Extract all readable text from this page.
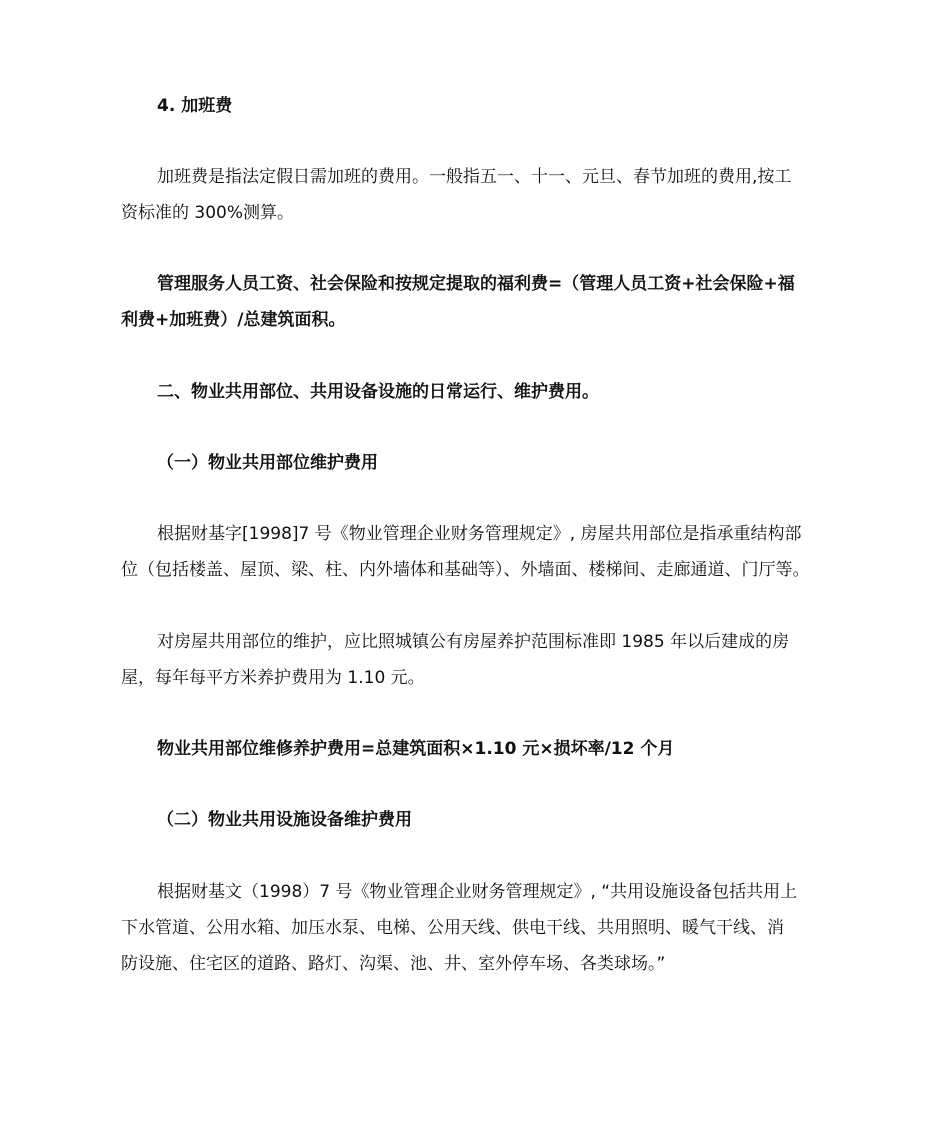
4. 加班费
加班费是指法定假日需加班的费用。一般指五一、十一、元旦、春节加班的费用,按工
资标准的 300%测算。
管理服务人员工资、社会保险和按规定提取的福利费=（管理人员工资+社会保险+福
利费+加班费）/总建筑面积。
二、物业共用部位、共用设备设施的日常运行、维护费用。
（一）物业共用部位维护费用
根据财基字[1998]7 号《物业管理企业财务管理规定》, 房屋共用部位是指承重结构部
位（包括楼盖、屋顶、梁、柱、内外墙体和基础等）、外墙面、楼梯间、走廊通道、门厅等。
对房屋共用部位的维护，应比照城镇公有房屋养护范围标准即 1985 年以后建成的房
屋，每年每平方米养护费用为 1.10 元。
物业共用部位维修养护费用=总建筑面积×1.10 元×损坏率/12 个月
（二）物业共用设施设备维护费用
根据财基文（1998）7 号《物业管理企业财务管理规定》, “共用设施设备包括共用上
下水管道、公用水箱、加压水泵、电梯、公用天线、供电干线、共用照明、暖气干线、消
防设施、住宅区的道路、路灯、沟渠、池、井、室外停车场、各类球场。”
